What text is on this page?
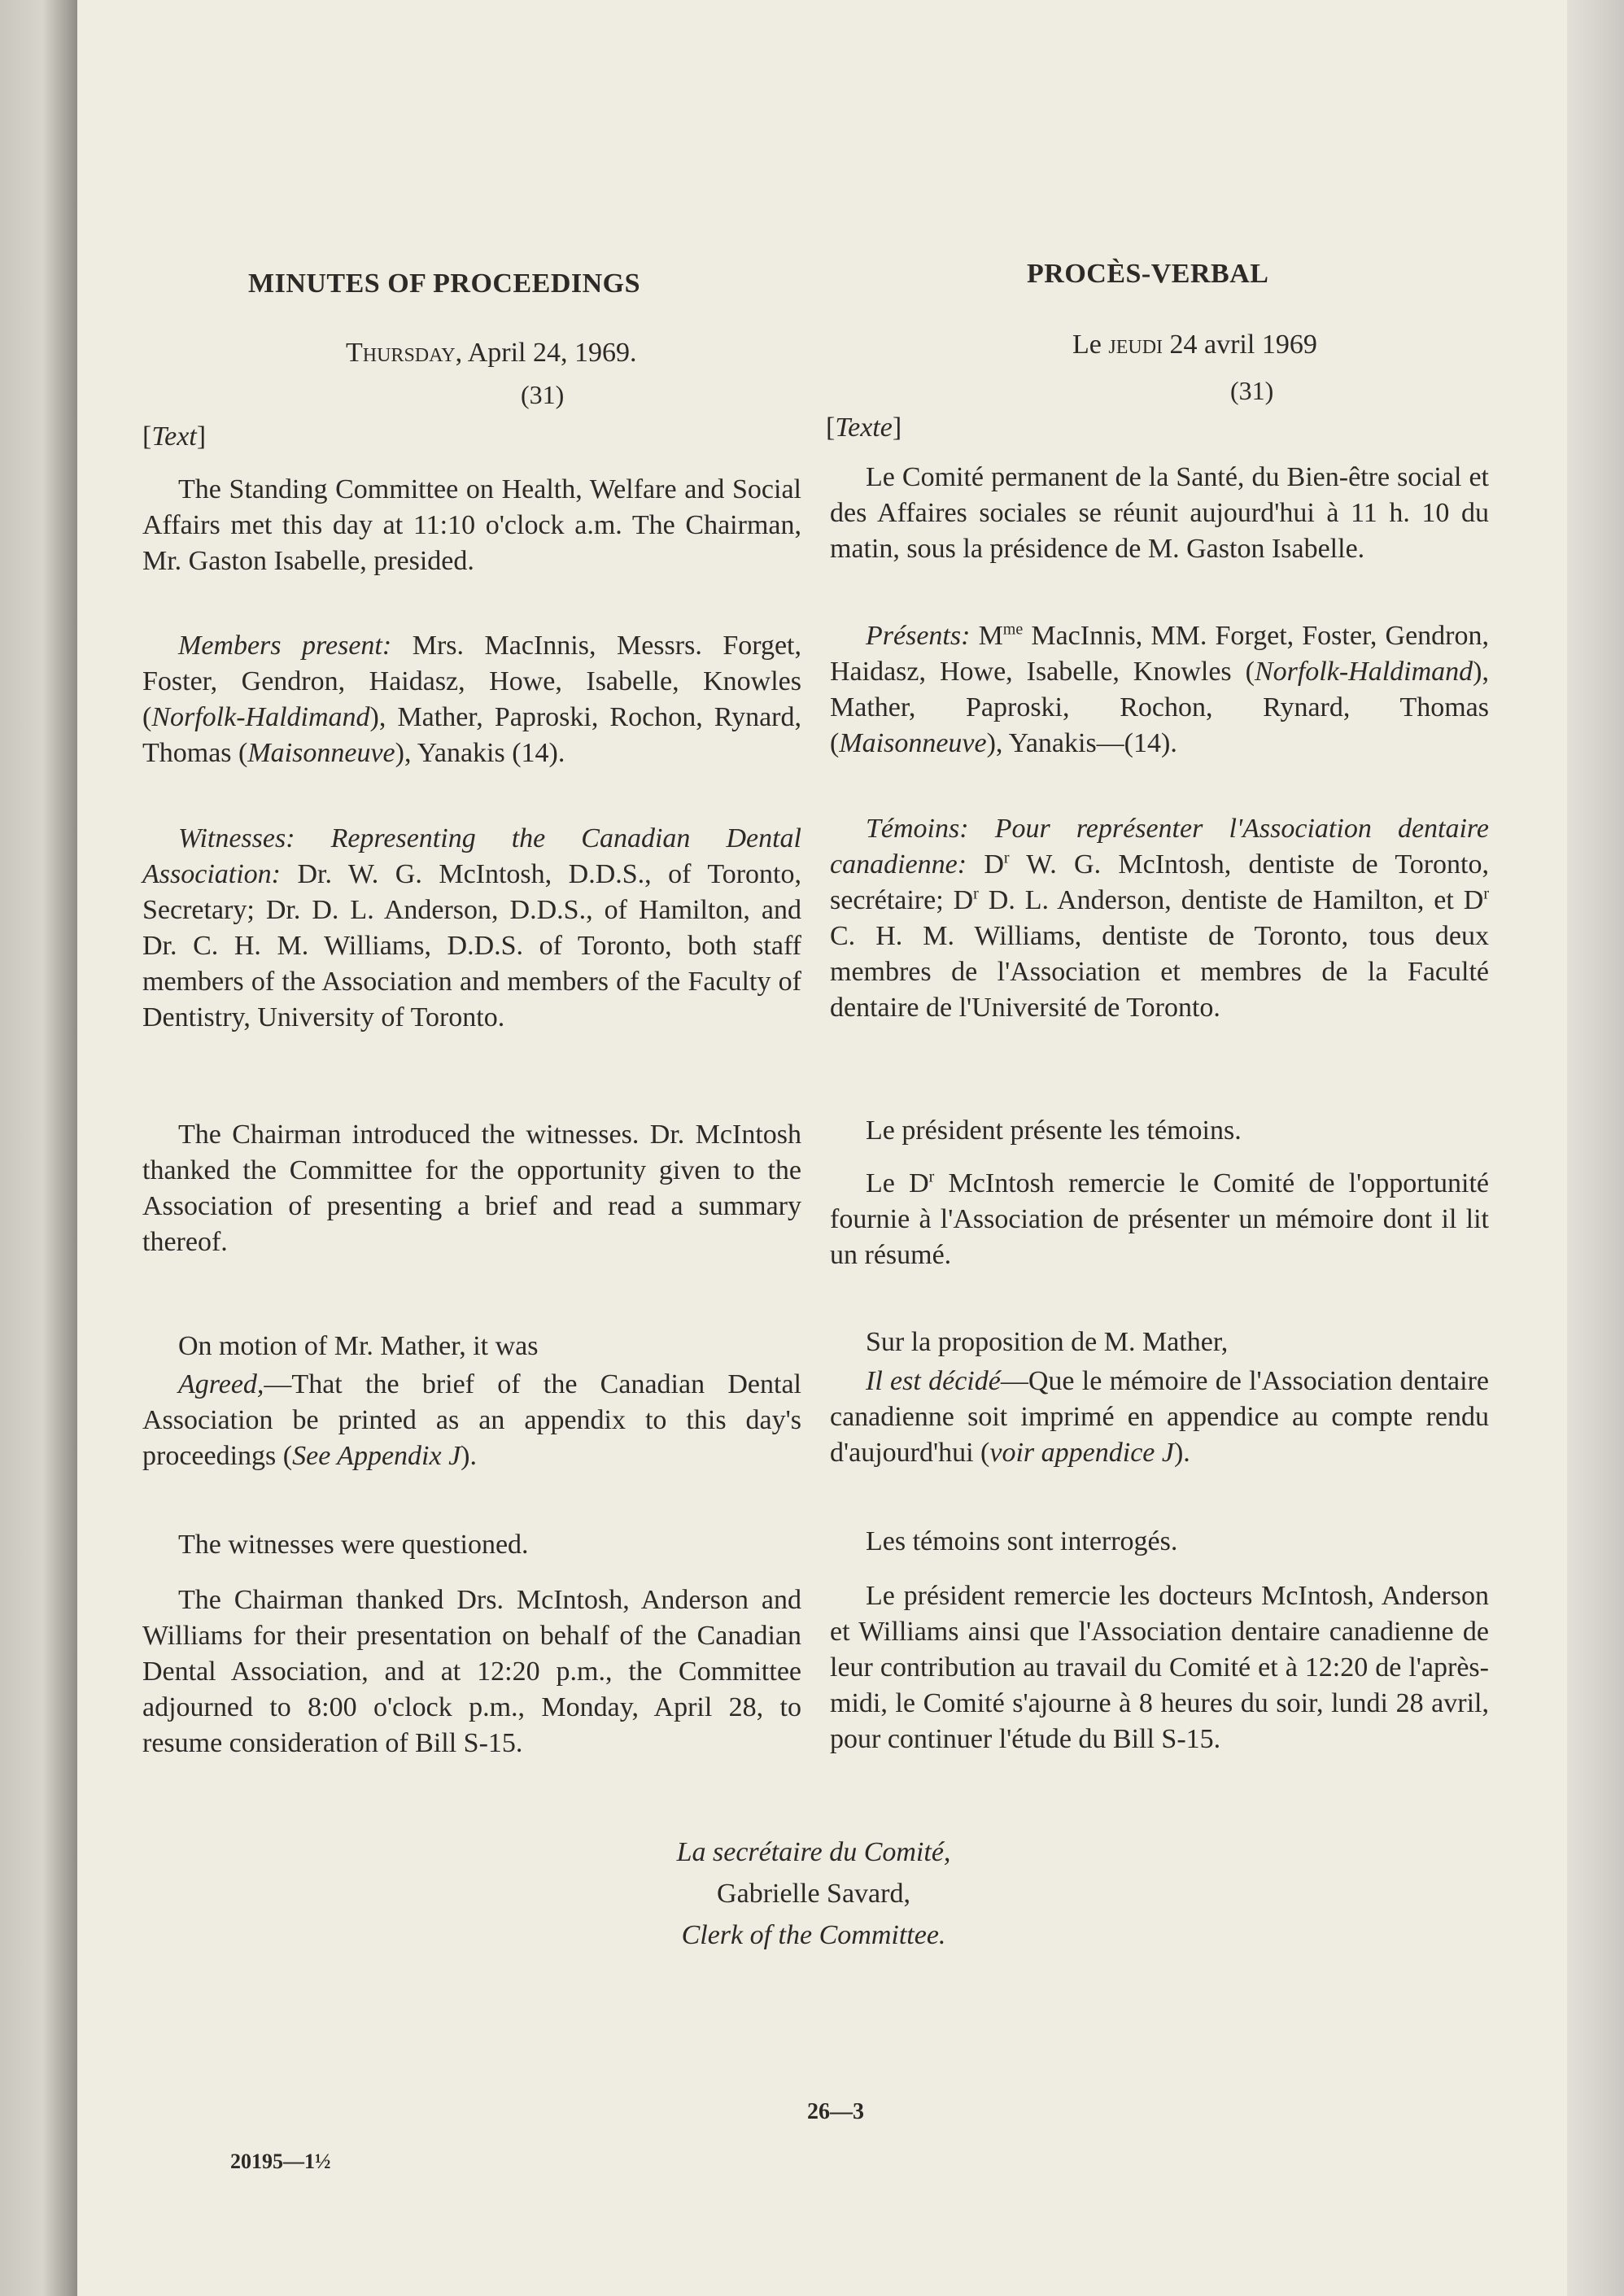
MINUTES OF PROCEEDINGS
Thursday, April 24, 1969.
(31)
[Text]

The Standing Committee on Health, Welfare and Social Affairs met this day at 11:10 o'clock a.m. The Chairman, Mr. Gaston Isabelle, presided.

Members present: Mrs. MacInnis, Messrs. Forget, Foster, Gendron, Haidasz, Howe, Isabelle, Knowles (Norfolk-Haldimand), Mather, Paproski, Rochon, Rynard, Thomas (Maisonneuve), Yanakis (14).

Witnesses: Representing the Canadian Dental Association: Dr. W. G. McIntosh, D.D.S., of Toronto, Secretary; Dr. D. L. Anderson, D.D.S., of Hamilton, and Dr. C. H. M. Williams, D.D.S. of Toronto, both staff members of the Association and members of the Faculty of Dentistry, University of Toronto.

The Chairman introduced the witnesses. Dr. McIntosh thanked the Committee for the opportunity given to the Association of presenting a brief and read a summary thereof.

On motion of Mr. Mather, it was

Agreed,—That the brief of the Canadian Dental Association be printed as an appendix to this day's proceedings (See Appendix J).

The witnesses were questioned.

The Chairman thanked Drs. McIntosh, Anderson and Williams for their presentation on behalf of the Canadian Dental Association, and at 12:20 p.m., the Committee adjourned to 8:00 o'clock p.m., Monday, April 28, to resume consideration of Bill S-15.

PROCÈS-VERBAL
Le jeudi 24 avril 1969
(31)
[Texte]

Le Comité permanent de la Santé, du Bien-être social et des Affaires sociales se réunit aujourd'hui à 11 h. 10 du matin, sous la présidence de M. Gaston Isabelle.

Présents: $M^{me}$ MacInnis, MM. Forget, Foster, Gendron, Haidasz, Howe, Isabelle, Knowles (Norfolk-Haldimand), Mather, Paproski, Rochon, Rynard, Thomas (Maisonneuve), Yanakis—(14).

Témoins: Pour représenter l'Association dentaire canadienne: $D^r$ W. G. McIntosh, dentiste de Toronto, secrétaire; $D^r$ D. L. Anderson, dentiste de Hamilton, et $D^r$ C. H. M. Williams, dentiste de Toronto, tous deux membres de l'Association et membres de la Faculté dentaire de l'Université de Toronto.

Le président présente les témoins.

Le $D^r$ McIntosh remercie le Comité de l'opportunité fournie à l'Association de présenter un mémoire dont il lit un résumé.

Sur la proposition de M. Mather,

Il est décidé—Que le mémoire de l'Association dentaire canadienne soit imprimé en appendice au compte rendu d'aujourd'hui (voir appendice J).

Les témoins sont interrogés.

Le président remercie les docteurs McIntosh, Anderson et Williams ainsi que l'Association dentaire canadienne de leur contribution au travail du Comité et à 12:20 de l'après-midi, le Comité s'ajourne à 8 heures du soir, lundi 28 avril, pour continuer l'étude du Bill S-15.

La secrétaire du Comité,
Gabrielle Savard,
Clerk of the Committee.
26—3
20195—1½
